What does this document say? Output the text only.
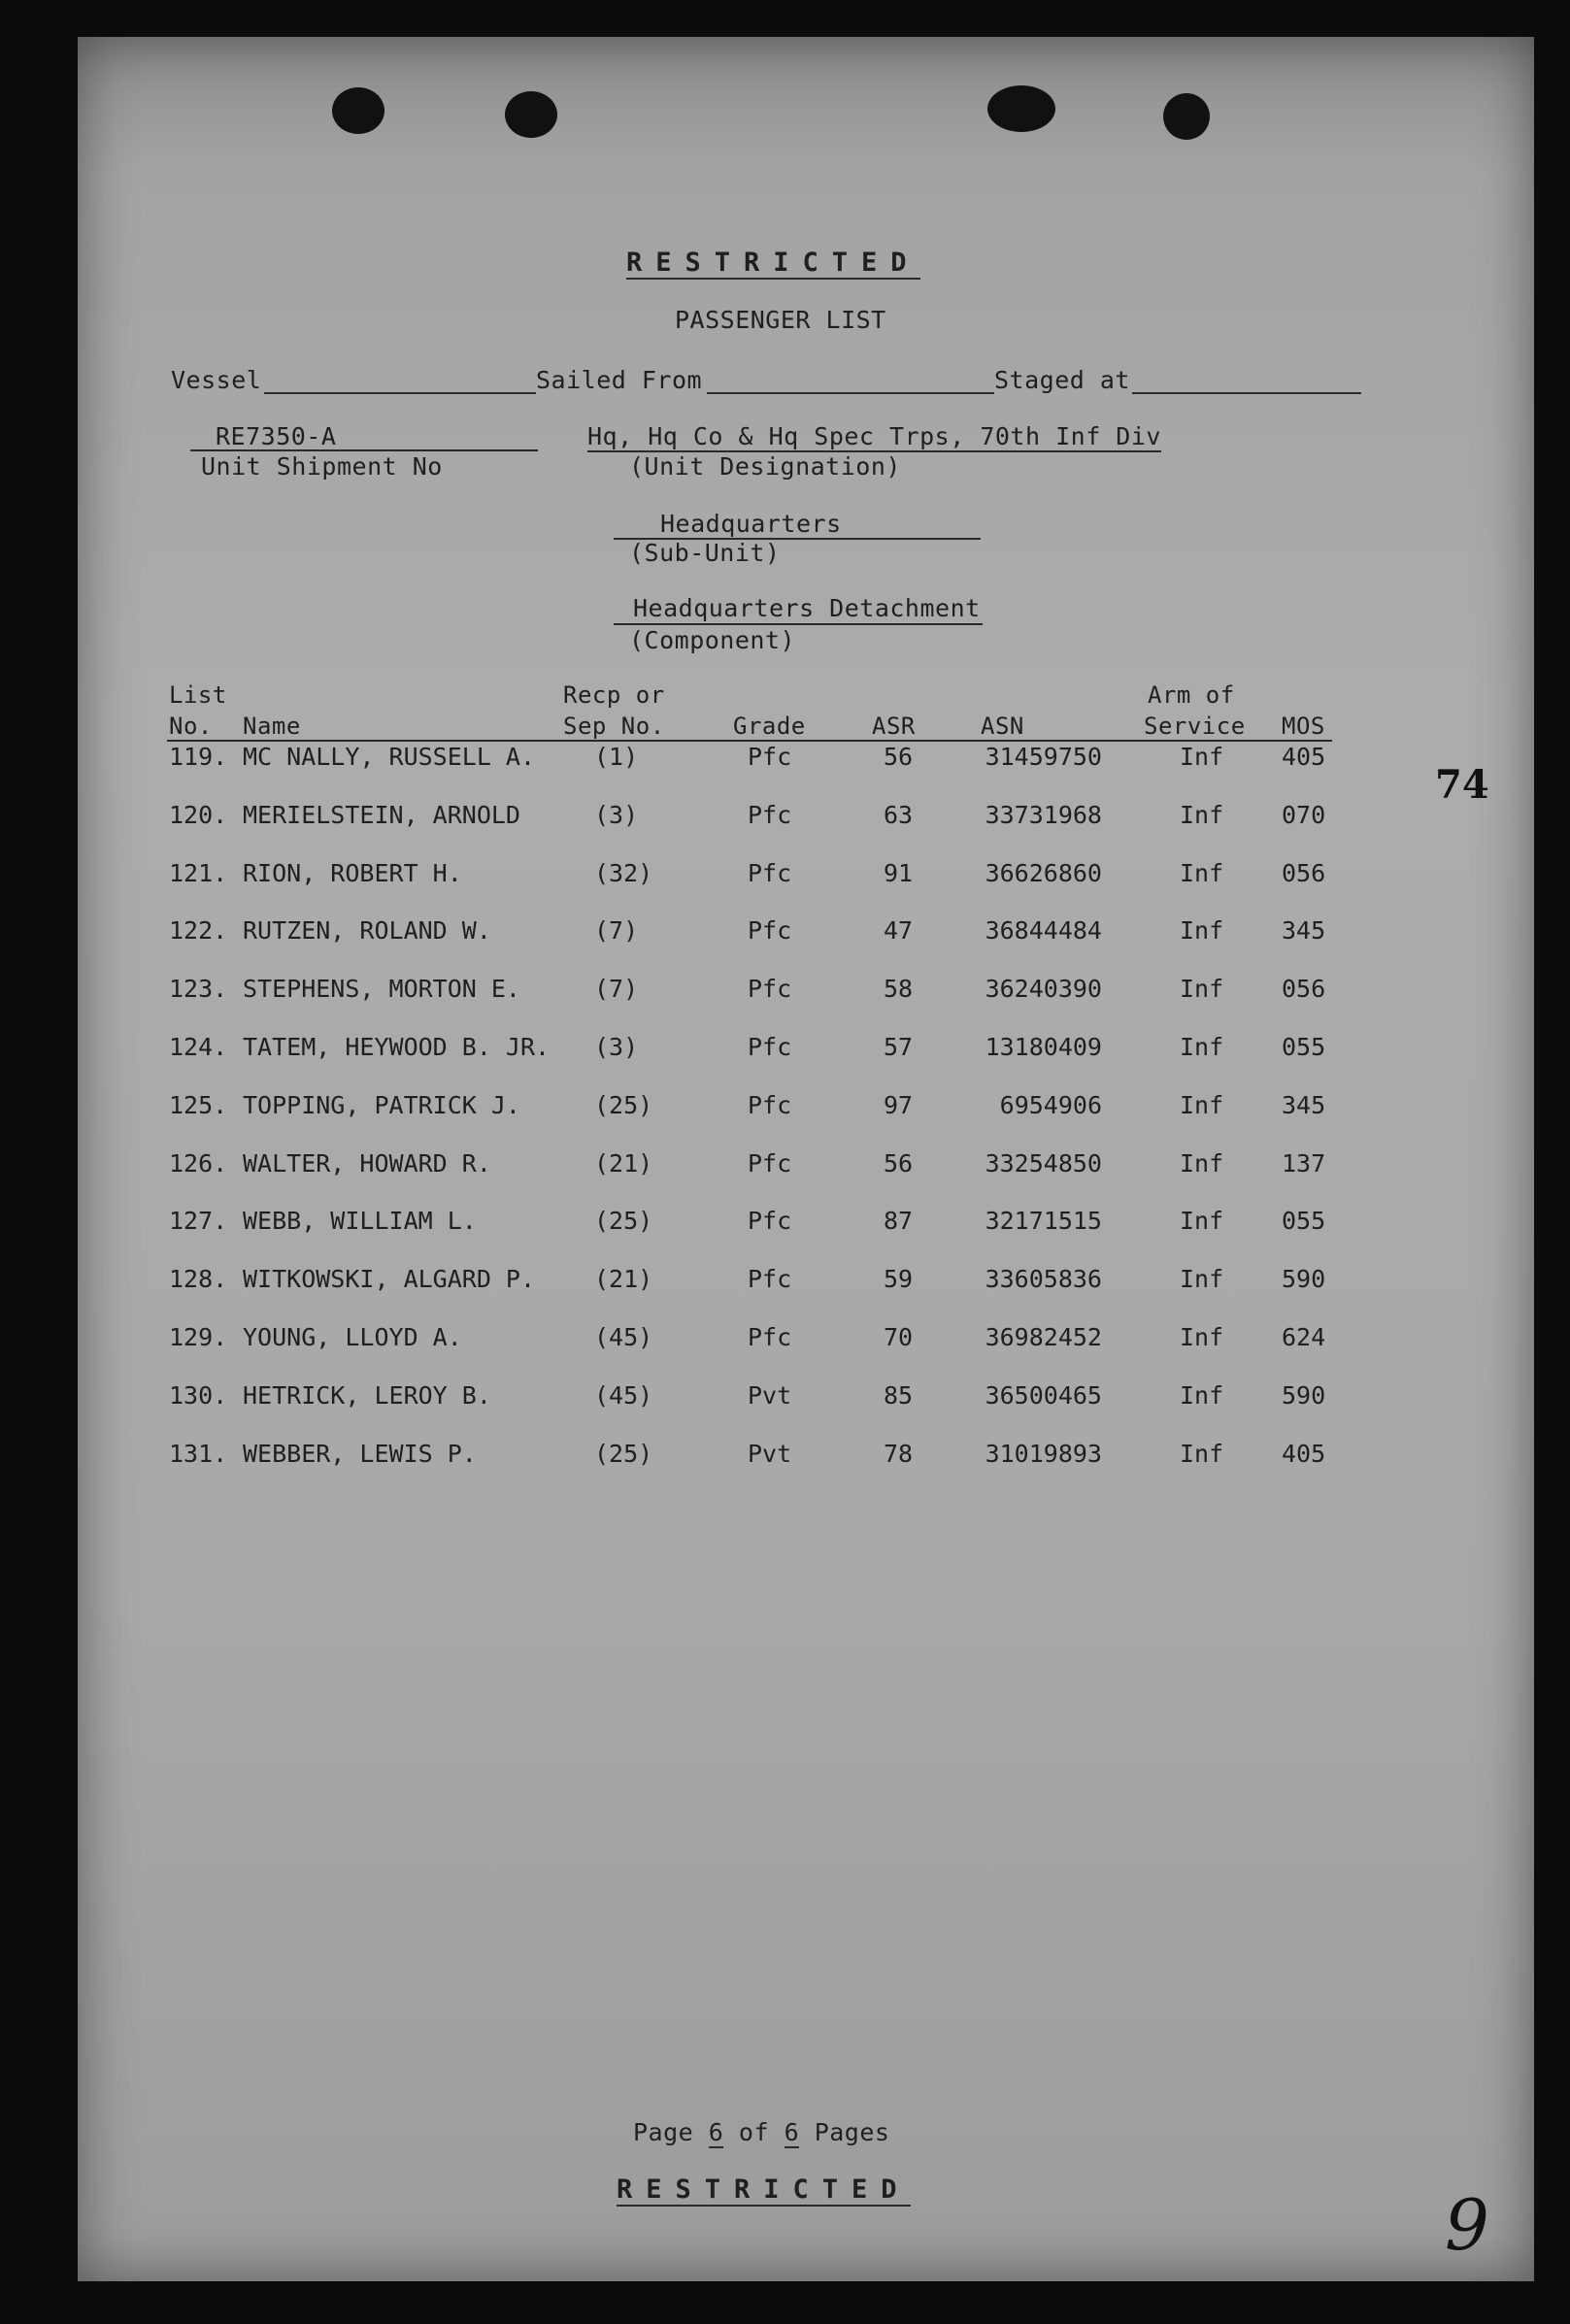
RESTRICTED
PASSENGER LIST
Vessel	Sailed From	Staged at
RE7350-A
Unit Shipment No
Hq, Hq Co & Hq Spec Trps, 70th Inf Div
(Unit Designation)
Headquarters
(Sub-Unit)
Headquarters Detachment
(Component)
List
No. Name
Recp or
Sep No.	Grade	ASR	ASN
Arm of
Service MOS
119. MC NALLY, RUSSELL A. (1)	Pfc	56	31459750	Inf 405
120. MERIELSTEIN, ARNOLD	(3)	Pfc	63	33731968	Inf 070
121. RION, ROBERT H.	(32)	Pfc	91	36626860	Inf 056
122. RUTZEN, ROLAND W.	(7)	Pfc	47	36844484	Inf 345
123. STEPHENS, MORTON E.	(7)	Pfc	58	36240390	Inf 056
124. TATEM, HEYWOOD B. JR. (3)	Pfc	57	13180409	Inf 055
125. TOPPING, PATRICK J.	(25)	Pfc	97	6954906	Inf 345
126. WALTER, HOWARD R.	(21)	Pfc	56	33254850	Inf 137
127. WEBB, WILLIAM L.	(25)	Pfc	87	32171515	Inf 055
128. WITKOWSKI, ALGARD P. (21)	Pfc	59	33605836	Inf 590
129. YOUNG, LLOYD A.	(45)	Pfc	70	36982452	Inf 624
130. HETRICK, LEROY B.	(45)	Pvt	85	36500465	Inf 590
131. WEBBER, LEWIS P.	(25)	Pvt	78	31019893	Inf 405
Page 6 of 6 Pages
RESTRICTED
74
9
